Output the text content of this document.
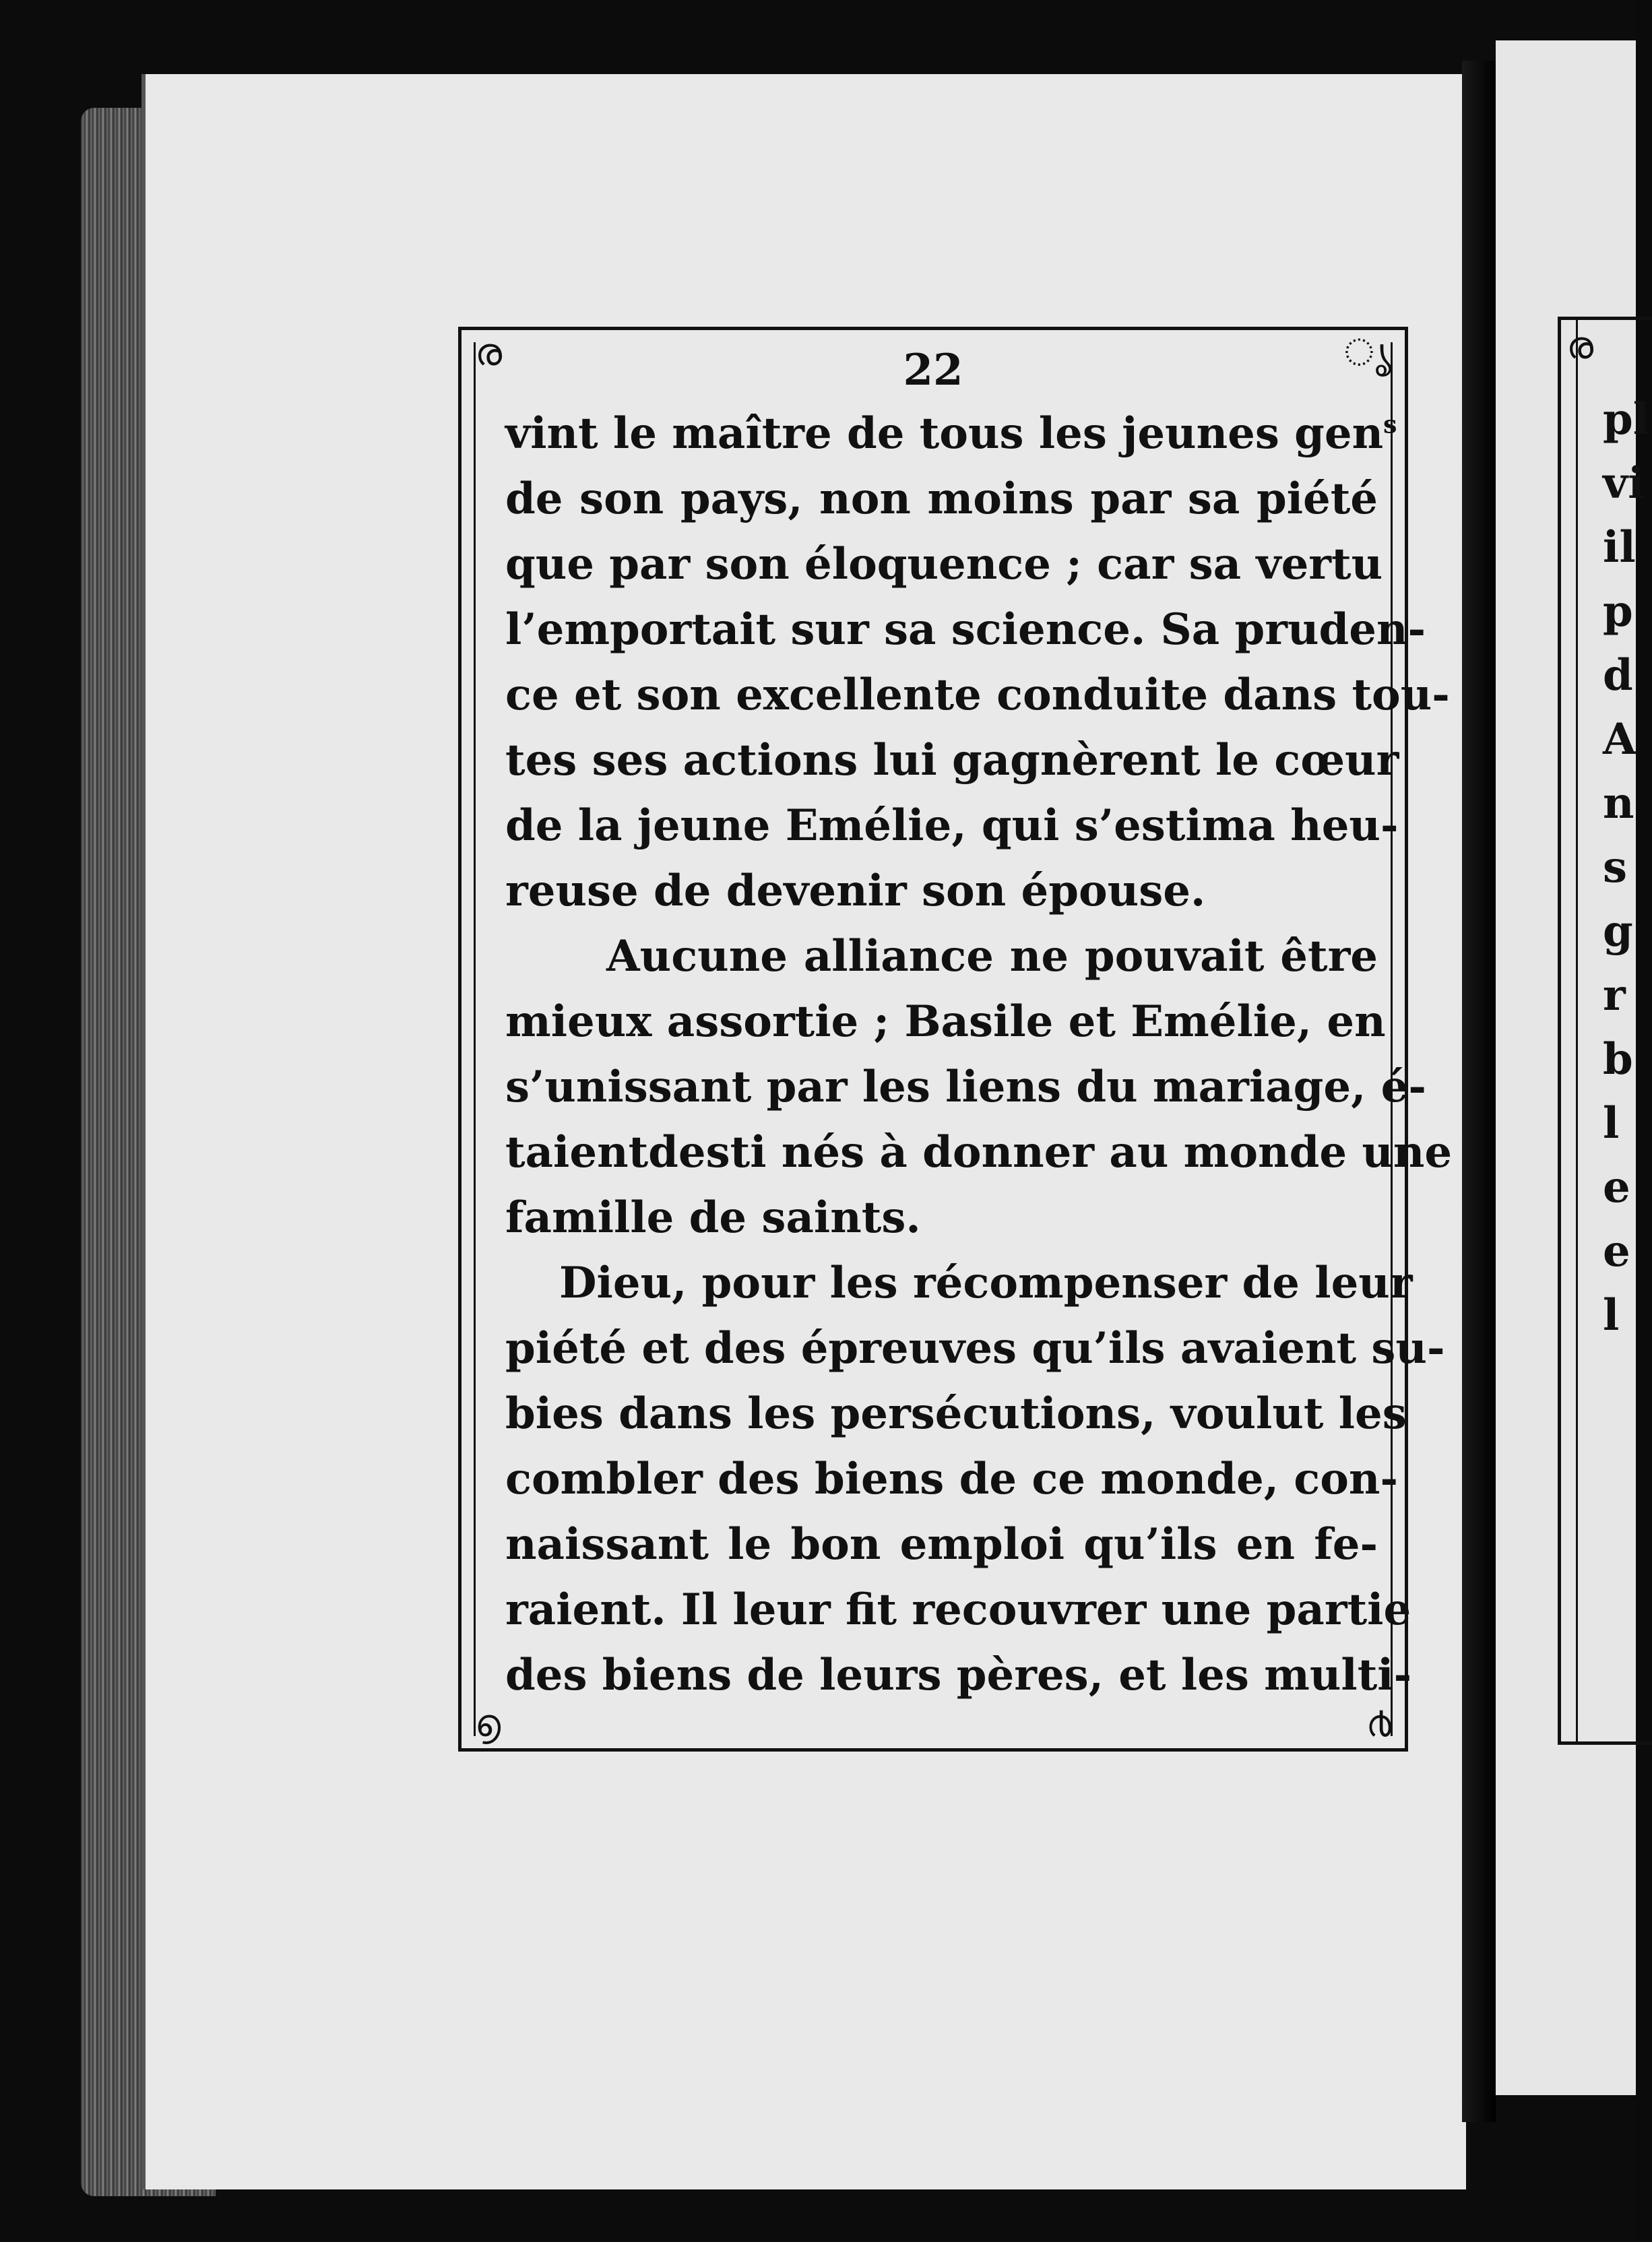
ര	ൃ
൭	൪
22
vint le maître de tous les jeunes gen$^s$
de son pays, non moins par sa piété
que par son éloquence ; car sa vertu
l’emportait sur sa science. Sa pruden-
ce et son excellente conduite dans tou-
tes ses actions lui gagnèrent le cœur
de la jeune Emélie, qui s’estima heu-
reuse de devenir son épouse.
Aucune alliance ne pouvait être
mieux assortie ; Basile et Emélie, en
s’unissant par les liens du mariage, é-
taientdesti nés à donner au monde une
famille de saints.
Dieu, pour les récompenser de leur
piété et des épreuves qu’ils avaient su-
bies dans les persécutions, voulut les
combler des biens de ce monde, con-
naissant le bon emploi qu’ils en fe-
raient. Il leur fit recouvrer une partie
des biens de leurs pères, et les multi-
ര
pl
vi
il
p
d
A
n
s
g
r
b
l
e
e
l
